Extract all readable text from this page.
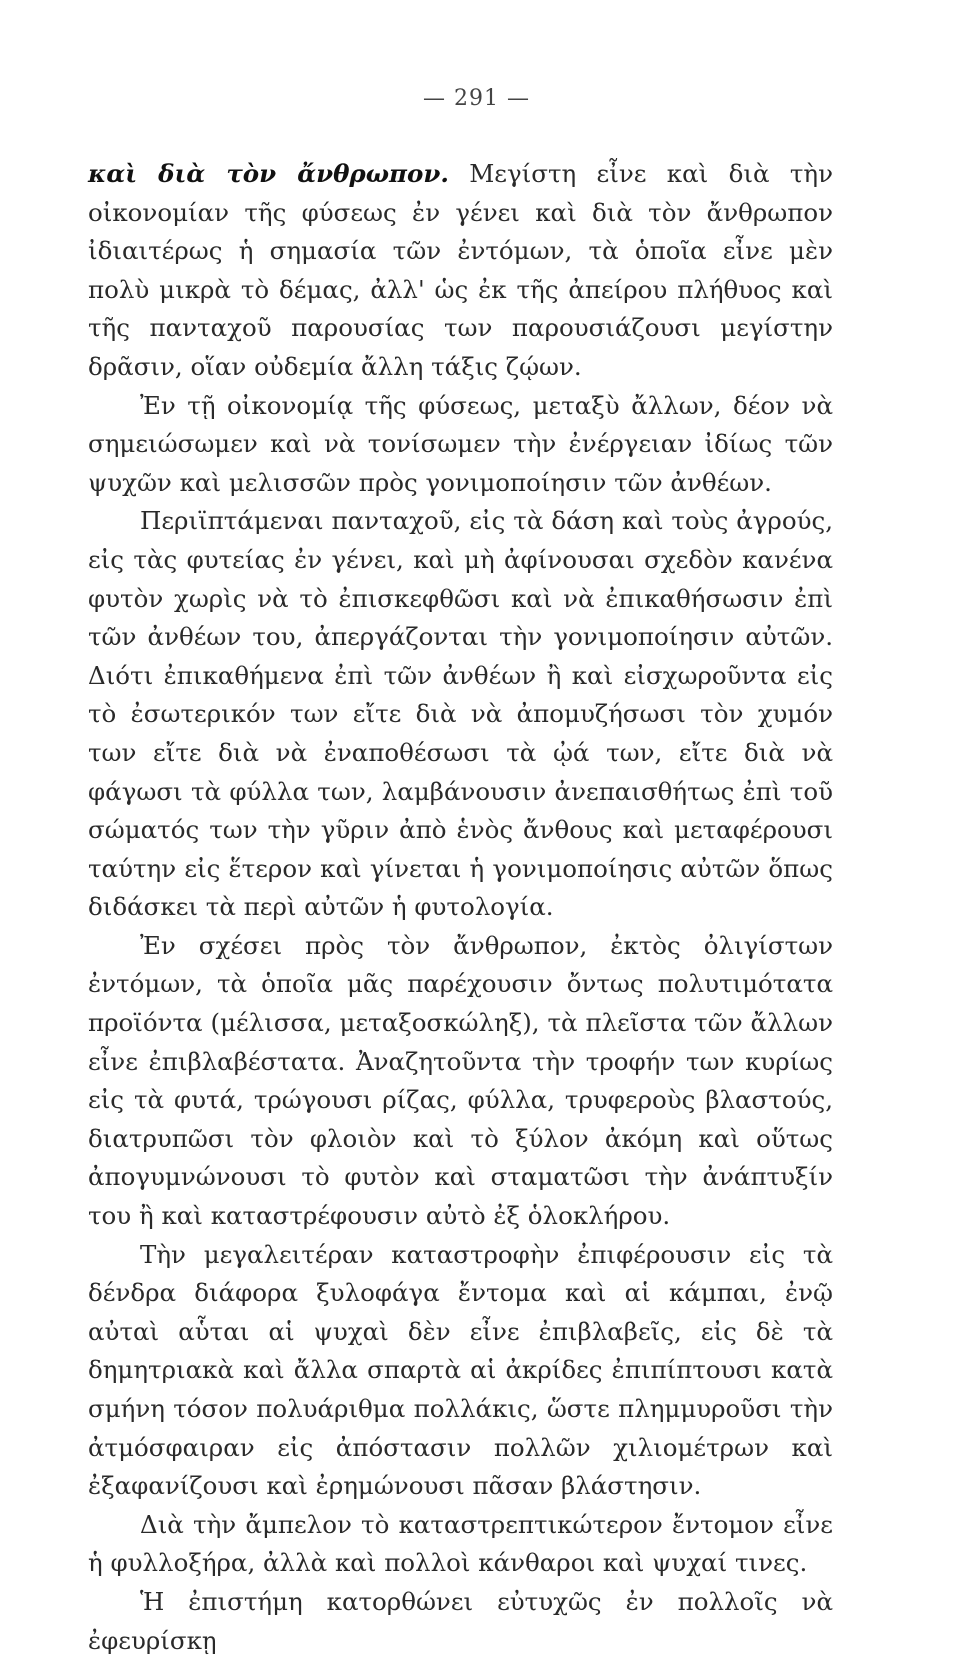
— 291 —

καὶ διὰ τὸν ἄνθρωπον. Μεγίστη εἶνε καὶ διὰ τὴν οἰκονομίαν τῆς φύσεως ἐν γένει καὶ διὰ τὸν ἄνθρωπον ἰδιαιτέρως ἡ σημασία τῶν ἐντόμων, τὰ ὁποῖα εἶνε μὲν πολὺ μικρὰ τὸ δέμας, ἀλλ' ὡς ἐκ τῆς ἀπείρου πλήθυος καὶ τῆς πανταχοῦ παρουσίας των παρουσιάζουσι μεγίστην δρᾶσιν, οἵαν οὐδεμία ἄλλη τάξις ζῴων.

Ἐν τῇ οἰκονομίᾳ τῆς φύσεως, μεταξὺ ἄλλων, δέον νὰ σημειώσωμεν καὶ νὰ τονίσωμεν τὴν ἐνέργειαν ἰδίως τῶν ψυχῶν καὶ μελισσῶν πρὸς γονιμοποίησιν τῶν ἀνθέων.

Περιϊπτάμεναι πανταχοῦ, εἰς τὰ δάση καὶ τοὺς ἀγρούς, εἰς τὰς φυτείας ἐν γένει, καὶ μὴ ἀφίνουσαι σχεδὸν κανένα φυτὸν χωρὶς νὰ τὸ ἐπισκεφθῶσι καὶ νὰ ἐπικαθήσωσιν ἐπὶ τῶν ἀνθέων του, ἀπεργάζονται τὴν γονιμοποίησιν αὐτῶν. Διότι ἐπικαθήμενα ἐπὶ τῶν ἀνθέων ἢ καὶ εἰσχωροῦντα εἰς τὸ ἐσωτερικόν των εἴτε διὰ νὰ ἀπομυζήσωσι τὸν χυμόν των εἴτε διὰ νὰ ἐναποθέσωσι τὰ ᾠά των, εἴτε διὰ νὰ φάγωσι τὰ φύλλα των, λαμβάνουσιν ἀνεπαισθήτως ἐπὶ τοῦ σώματός των τὴν γῦριν ἀπὸ ἑνὸς ἄνθους καὶ μεταφέρουσι ταύτην εἰς ἕτερον καὶ γίνεται ἡ γονιμοποίησις αὐτῶν ὅπως διδάσκει τὰ περὶ αὐτῶν ἡ φυτολογία.

Ἐν σχέσει πρὸς τὸν ἄνθρωπον, ἐκτὸς ὀλιγίστων ἐντόμων, τὰ ὁποῖα μᾶς παρέχουσιν ὄντως πολυτιμότατα προϊόντα (μέλισσα, μεταξοσκώληξ), τὰ πλεῖστα τῶν ἄλλων εἶνε ἐπιβλαβέστατα. Ἀναζητοῦντα τὴν τροφήν των κυρίως εἰς τὰ φυτά, τρώγουσι ρίζας, φύλλα, τρυφεροὺς βλαστούς, διατρυπῶσι τὸν φλοιὸν καὶ τὸ ξύλον ἀκόμη καὶ οὕτως ἀπογυμνώνουσι τὸ φυτὸν καὶ σταματῶσι τὴν ἀνάπτυξίν του ἢ καὶ καταστρέφουσιν αὐτὸ ἐξ ὁλοκλήρου.

Τὴν μεγαλειτέραν καταστροφὴν ἐπιφέρουσιν εἰς τὰ δένδρα διάφορα ξυλοφάγα ἔντομα καὶ αἱ κάμπαι, ἐνῷ αὐταὶ αὗται αἱ ψυχαὶ δὲν εἶνε ἐπιβλαβεῖς, εἰς δὲ τὰ δημητριακὰ καὶ ἄλλα σπαρτὰ αἱ ἀκρίδες ἐπιπίπτουσι κατὰ σμήνη τόσον πολυάριθμα πολλάκις, ὥστε πλημμυροῦσι τὴν ἀτμόσφαιραν εἰς ἀπόστασιν πολλῶν χιλιομέτρων καὶ ἐξαφανίζουσι καὶ ἐρημώνουσι πᾶσαν βλάστησιν.

Διὰ τὴν ἄμπελον τὸ καταστρεπτικώτερον ἔντομον εἶνε ἡ φυλλοξήρα, ἀλλὰ καὶ πολλοὶ κάνθαροι καὶ ψυχαί τινες.

Ἡ ἐπιστήμη κατορθώνει εὐτυχῶς ἐν πολλοῖς νὰ ἐφευρίσκῃ
